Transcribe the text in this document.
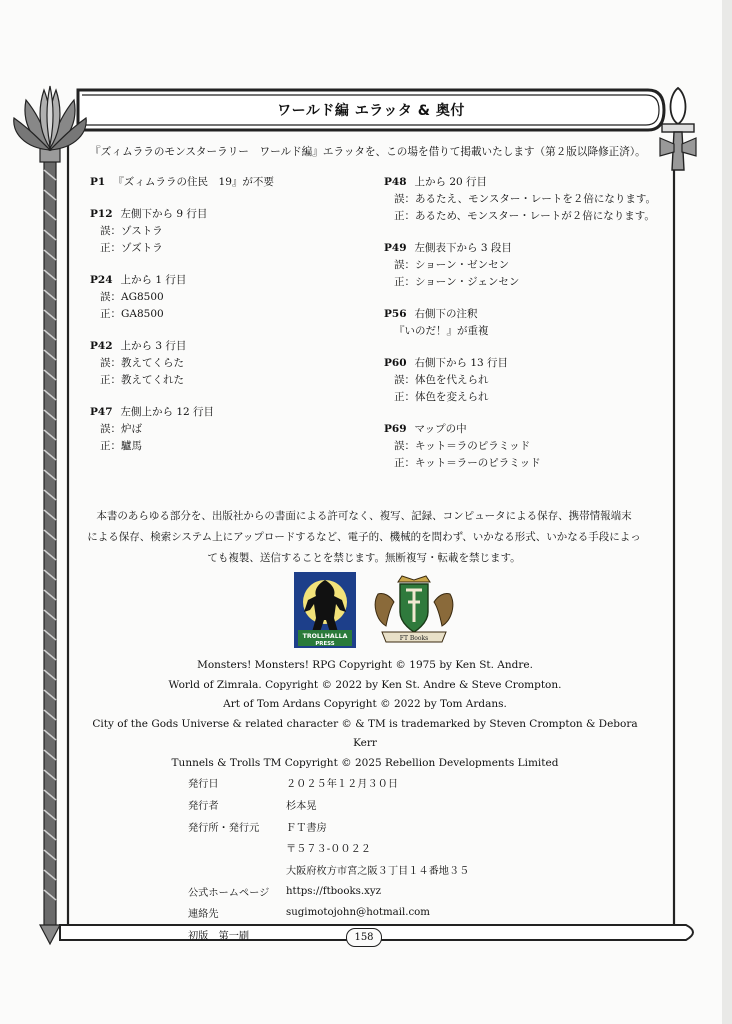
ワールド編 エラッタ & 奥付
『ズィムララのモンスターラリー　ワールド編』エラッタを、この場を借りて掲載いたします（第２版以降修正済）。
P1 『ズィムララの住民　19』が不要
P12 左側下から 9 行目
誤：ゾストラ
正：ゾズトラ
P24 上から 1 行目
誤：AG8500
正：GA8500
P42 上から 3 行目
誤：教えてくらた
正：教えてくれた
P47 左側上から 12 行目
誤：炉ば
正：驢馬
P48 上から 20 行目
誤：あるたえ、モンスター・レートを２倍になります。
正：あるため、モンスター・レートが２倍になります。
P49 左側表下から 3 段目
誤：ショーン・ゼンセン
正：ショーン・ジェンセン
P56 右側下の注釈
『いのだ！』が重複
P60 右側下から 13 行目
誤：体色を代えられ
正：体色を変えられ
P69 マップの中
誤：キット＝ラのピラミッド
正：キット＝ラーのピラミッド
本書のあらゆる部分を、出版社からの書面による許可なく、複写、記録、コンピュータによる保存、携帯情報端末
による保存、検索システム上にアップロードするなど、電子的、機械的を問わず、いかなる形式、いかなる手段によっ
ても複製、送信することを禁じます。無断複写・転載を禁じます。
TROLLHALLA
PRESS
FT Books
Monsters! Monsters! RPG Copyright © 1975 by Ken St. Andre.
World of Zimrala. Copyright © 2022 by Ken St. Andre & Steve Crompton.
Art of Tom Ardans Copyright © 2022 by Tom Ardans.
City of the Gods Universe & related character © & TM is trademarked by Steven Crompton & Debora Kerr
Tunnels & Trolls TM Copyright © 2025 Rebellion Developments Limited
発行日	２０２５年１２月３０日
発行者	杉本晃
発行所・発行元	ＦＴ書房
〒５７３-００２２
大阪府枚方市宮之阪３丁目１４番地３５
公式ホームページ	https://ftbooks.xyz
連絡先	sugimotojohn@hotmail.com
初版　第一刷	158
